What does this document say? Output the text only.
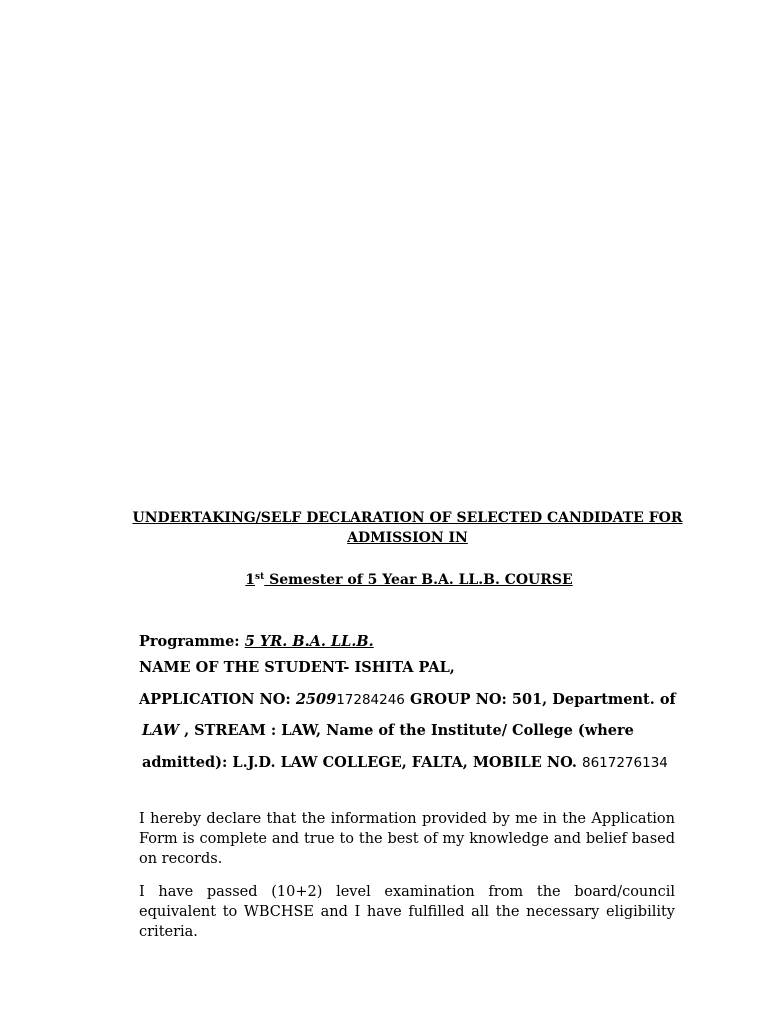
UNDERTAKING/SELF DECLARATION OF SELECTED CANDIDATE FOR
ADMISSION IN
1st Semester of 5 Year B.A. LL.B. COURSE
Programme: 5 YR. B.A. LL.B.
NAME OF THE STUDENT- ISHITA PAL,
APPLICATION NO: 250917284246 GROUP NO: 501, Department. of
LAW , STREAM : LAW, Name of the Institute/ College (where
admitted): L.J.D. LAW COLLEGE, FALTA, MOBILE NO. 8617276134

I hereby declare that the information provided by me in the Application Form is complete and true to the best of my knowledge and belief based on records.

I have passed (10+2) level examination from the board/council equivalent to WBCHSE and I have fulfilled all the necessary eligibility criteria.
